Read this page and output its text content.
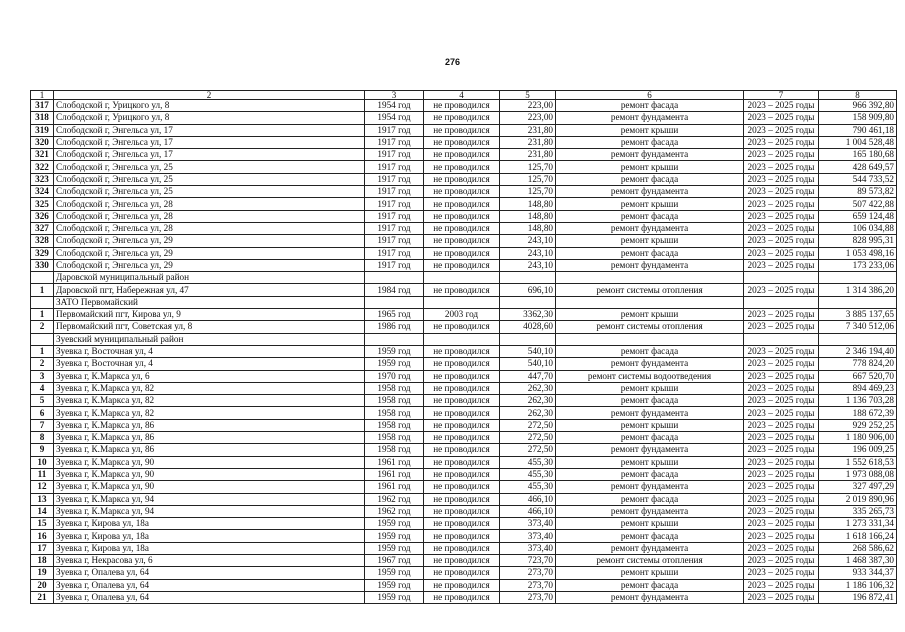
276
1	2	3	4	5	6	7	8
317	Слободской г, Урицкого ул, 8	1954 год	не проводился	223,00	ремонт фасада	2023 – 2025 годы	966 392,80
318	Слободской г, Урицкого ул, 8	1954 год	не проводился	223,00	ремонт фундамента	2023 – 2025 годы	158 909,80
319	Слободской г, Энгельса ул, 17	1917 год	не проводился	231,80	ремонт крыши	2023 – 2025 годы	790 461,18
320	Слободской г, Энгельса ул, 17	1917 год	не проводился	231,80	ремонт фасада	2023 – 2025 годы	1 004 528,48
321	Слободской г, Энгельса ул, 17	1917 год	не проводился	231,80	ремонт фундамента	2023 – 2025 годы	165 180,68
322	Слободской г, Энгельса ул, 25	1917 год	не проводился	125,70	ремонт крыши	2023 – 2025 годы	428 649,57
323	Слободской г, Энгельса ул, 25	1917 год	не проводился	125,70	ремонт фасада	2023 – 2025 годы	544 733,52
324	Слободской г, Энгельса ул, 25	1917 год	не проводился	125,70	ремонт фундамента	2023 – 2025 годы	89 573,82
325	Слободской г, Энгельса ул, 28	1917 год	не проводился	148,80	ремонт крыши	2023 – 2025 годы	507 422,88
326	Слободской г, Энгельса ул, 28	1917 год	не проводился	148,80	ремонт фасада	2023 – 2025 годы	659 124,48
327	Слободской г, Энгельса ул, 28	1917 год	не проводился	148,80	ремонт фундамента	2023 – 2025 годы	106 034,88
328	Слободской г, Энгельса ул, 29	1917 год	не проводился	243,10	ремонт крыши	2023 – 2025 годы	828 995,31
329	Слободской г, Энгельса ул, 29	1917 год	не проводился	243,10	ремонт фасада	2023 – 2025 годы	1 053 498,16
330	Слободской г, Энгельса ул, 29	1917 год	не проводился	243,10	ремонт фундамента	2023 – 2025 годы	173 233,06
	Даровской муниципальный район						
1	Даровской пгт, Набережная ул, 47	1984 год	не проводился	696,10	ремонт системы отопления	2023 – 2025 годы	1 314 386,20
	ЗАТО Первомайский						
1	Первомайский пгт, Кирова ул, 9	1965 год	2003 год	3362,30	ремонт крыши	2023 – 2025 годы	3 885 137,65
2	Первомайский пгт, Советская ул, 8	1986 год	не проводился	4028,60	ремонт системы отопления	2023 – 2025 годы	7 340 512,06
	Зуевский муниципальный район						
1	Зуевка г, Восточная ул, 4	1959 год	не проводился	540,10	ремонт фасада	2023 – 2025 годы	2 346 194,40
2	Зуевка г, Восточная ул, 4	1959 год	не проводился	540,10	ремонт фундамента	2023 – 2025 годы	778 824,20
3	Зуевка г, К.Маркса ул, 6	1970 год	не проводился	447,70	ремонт системы водоотведения	2023 – 2025 годы	667 520,70
4	Зуевка г, К.Маркса ул, 82	1958 год	не проводился	262,30	ремонт крыши	2023 – 2025 годы	894 469,23
5	Зуевка г, К.Маркса ул, 82	1958 год	не проводился	262,30	ремонт фасада	2023 – 2025 годы	1 136 703,28
6	Зуевка г, К.Маркса ул, 82	1958 год	не проводился	262,30	ремонт фундамента	2023 – 2025 годы	188 672,39
7	Зуевка г, К.Маркса ул, 86	1958 год	не проводился	272,50	ремонт крыши	2023 – 2025 годы	929 252,25
8	Зуевка г, К.Маркса ул, 86	1958 год	не проводился	272,50	ремонт фасада	2023 – 2025 годы	1 180 906,00
9	Зуевка г, К.Маркса ул, 86	1958 год	не проводился	272,50	ремонт фундамента	2023 – 2025 годы	196 009,25
10	Зуевка г, К.Маркса ул, 90	1961 год	не проводился	455,30	ремонт крыши	2023 – 2025 годы	1 552 618,53
11	Зуевка г, К.Маркса ул, 90	1961 год	не проводился	455,30	ремонт фасада	2023 – 2025 годы	1 973 088,08
12	Зуевка г, К.Маркса ул, 90	1961 год	не проводился	455,30	ремонт фундамента	2023 – 2025 годы	327 497,29
13	Зуевка г, К.Маркса ул, 94	1962 год	не проводился	466,10	ремонт фасада	2023 – 2025 годы	2 019 890,96
14	Зуевка г, К.Маркса ул, 94	1962 год	не проводился	466,10	ремонт фундамента	2023 – 2025 годы	335 265,73
15	Зуевка г, Кирова ул, 18а	1959 год	не проводился	373,40	ремонт крыши	2023 – 2025 годы	1 273 331,34
16	Зуевка г, Кирова ул, 18а	1959 год	не проводился	373,40	ремонт фасада	2023 – 2025 годы	1 618 166,24
17	Зуевка г, Кирова ул, 18а	1959 год	не проводился	373,40	ремонт фундамента	2023 – 2025 годы	268 586,62
18	Зуевка г, Некрасова ул, 6	1967 год	не проводился	723,70	ремонт системы отопления	2023 – 2025 годы	1 468 387,30
19	Зуевка г, Опалева ул, 64	1959 год	не проводился	273,70	ремонт крыши	2023 – 2025 годы	933 344,37
20	Зуевка г, Опалева ул, 64	1959 год	не проводился	273,70	ремонт фасада	2023 – 2025 годы	1 186 106,32
21	Зуевка г, Опалева ул, 64	1959 год	не проводился	273,70	ремонт фундамента	2023 – 2025 годы	196 872,41
